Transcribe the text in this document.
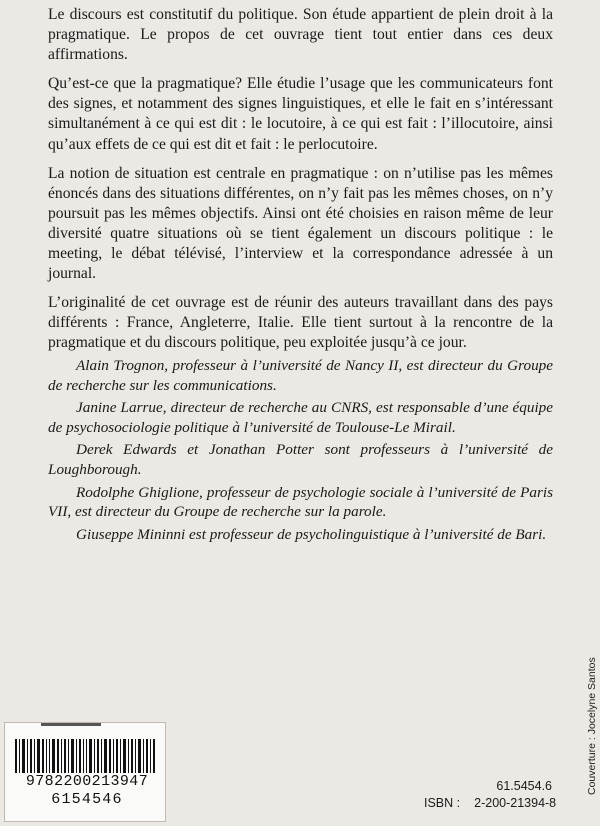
Le discours est constitutif du politique. Son étude appartient de plein droit à la pragmatique. Le propos de cet ouvrage tient tout entier dans ces deux affirmations.

Qu’est-ce que la pragmatique? Elle étudie l’usage que les communicateurs font des signes, et notamment des signes linguistiques, et elle le fait en s’intéressant simultanément à ce qui est dit : le locutoire, à ce qui est fait : l’illocutoire, ainsi qu’aux effets de ce qui est dit et fait : le perlocutoire.

La notion de situation est centrale en pragmatique : on n’utilise pas les mêmes énoncés dans des situations différentes, on n’y fait pas les mêmes choses, on n’y poursuit pas les mêmes objectifs. Ainsi ont été choisies en raison même de leur diversité quatre situations où se tient également un discours politique : le meeting, le débat télévisé, l’interview et la correspondance adressée à un journal.

L’originalité de cet ouvrage est de réunir des auteurs travaillant dans des pays différents : France, Angleterre, Italie. Elle tient surtout à la rencontre de la pragmatique et du discours politique, peu exploitée jusqu’à ce jour.

Alain Trognon, professeur à l’université de Nancy II, est directeur du Groupe de recherche sur les communications.

Janine Larrue, directeur de recherche au CNRS, est responsable d’une équipe de psychosociologie politique à l’université de Toulouse-Le Mirail.

Derek Edwards et Jonathan Potter sont professeurs à l’université de Loughborough.

Rodolphe Ghiglione, professeur de psychologie sociale à l’université de Paris VII, est directeur du Groupe de recherche sur la parole.

Giuseppe Mininni est professeur de psycholinguistique à l’université de Bari.

Couverture : Jocelyne Santos
9782200213947
6154546
61.5454.6
ISBN : 2-200-21394-8
